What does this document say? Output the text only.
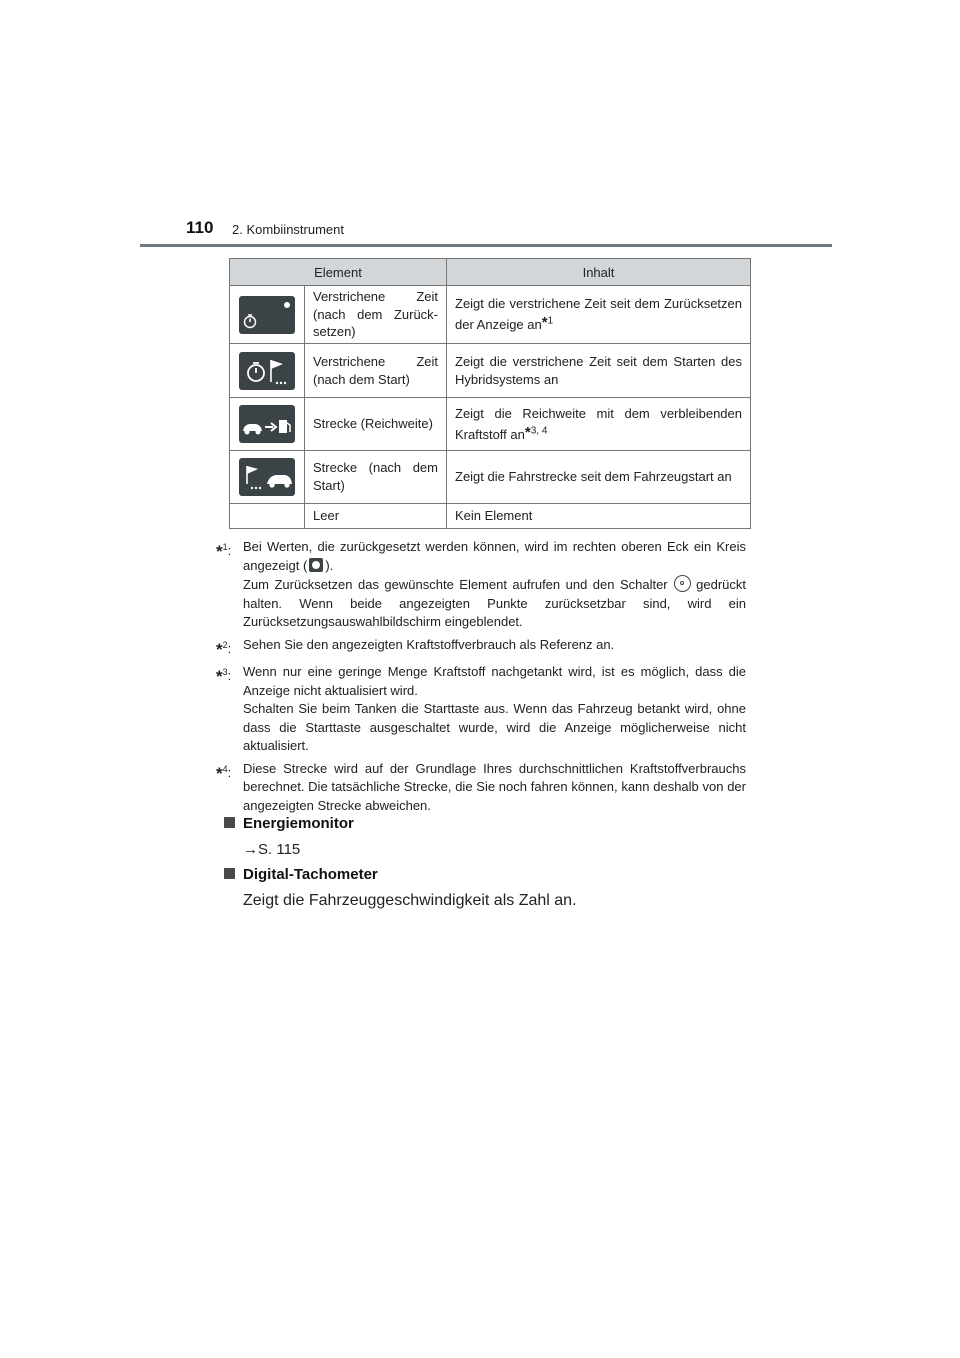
110 2. Kombiinstrument
Element		Inhalt

	Verstrichene Zeit (nach dem Zurück-setzen)	Zeigt die verstrichene Zeit seit dem Zurücksetzen der Anzeige an*$^1$

	Verstrichene Zeit (nach dem Start)	Zeigt die verstrichene Zeit seit dem Starten des Hybridsystems an

	Strecke (Reichweite)	Zeigt die Reichweite mit dem verbleibenden Kraftstoff an*$^{3, 4}$

	Strecke (nach dem Start)	Zeigt die Fahrstrecke seit dem Fahrzeugstart an
	Leer	Kein Element
*$^1$: Bei Werten, die zurückgesetzt werden können, wird im rechten oberen Eck ein Kreis angezeigt ( ).

Zum Zurücksetzen das gewünschte Element aufrufen und den Schalter gedrückt halten. Wenn beide angezeigten Punkte zurücksetzbar sind, wird ein Zurücksetzungsauswahlbildschirm eingeblendet.

*$^2$: Sehen Sie den angezeigten Kraftstoffverbrauch als Referenz an.

*$^3$: Wenn nur eine geringe Menge Kraftstoff nachgetankt wird, ist es möglich, dass die Anzeige nicht aktualisiert wird.

Schalten Sie beim Tanken die Starttaste aus. Wenn das Fahrzeug betankt wird, ohne dass die Starttaste ausgeschaltet wurde, wird die Anzeige möglicherweise nicht aktualisiert.

*$^4$: Diese Strecke wird auf der Grundlage Ihres durchschnittlichen Kraftstoffverbrauchs berechnet. Die tatsächliche Strecke, die Sie noch fahren können, kann deshalb von der angezeigten Strecke abweichen.

Energiemonitor
→S. 115
Digital-Tachometer
Zeigt die Fahrzeuggeschwindigkeit als Zahl an.
